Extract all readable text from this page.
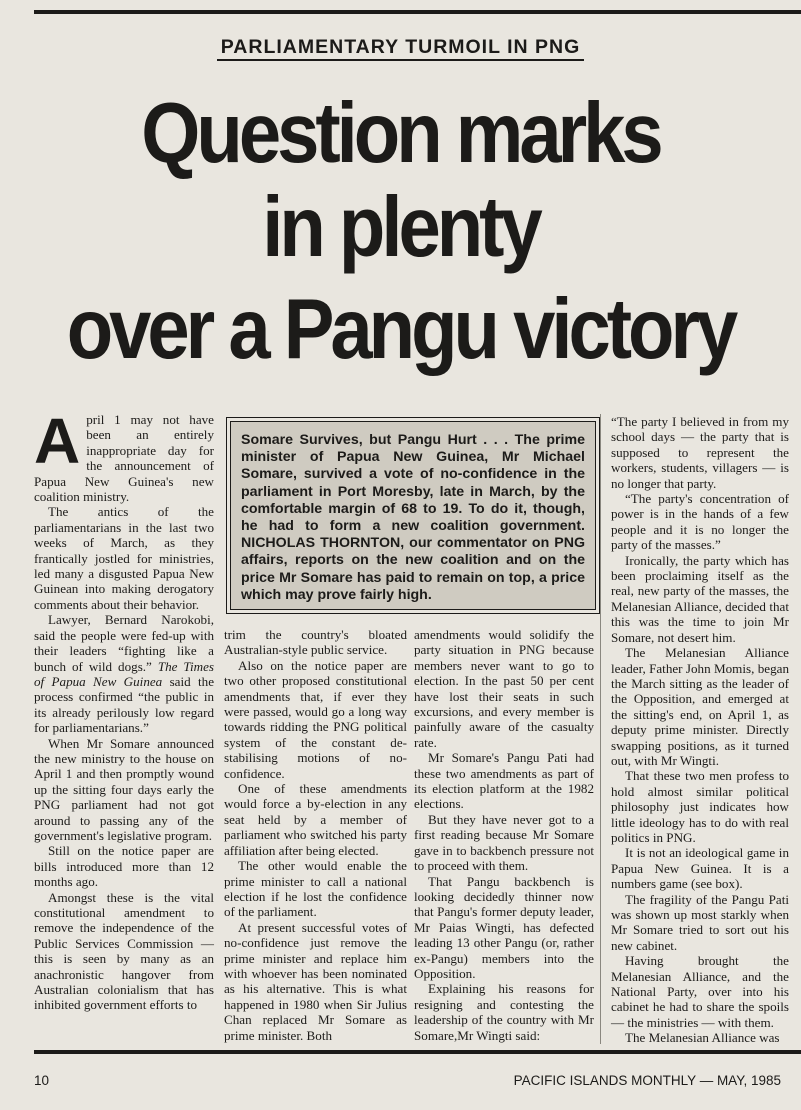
PARLIAMENTARY TURMOIL IN PNG
Question marks
in plenty
over a Pangu victory

April 1 may not have been an entirely inappropriate day for the announcement of Papua New Guinea's new coalition ministry.

The antics of the parliamentarians in the last two weeks of March, as they frantically jostled for ministries, led many a disgusted Papua New Guinean into making derogatory comments about their behavior.

Lawyer, Bernard Narokobi, said the people were fed-up with their leaders “fighting like a bunch of wild dogs.” The Times of Papua New Guinea said the process confirmed “the public in its already perilously low regard for parliamentarians.”

When Mr Somare announced the new ministry to the house on April 1 and then promptly wound up the sitting four days early the PNG parliament had not got around to passing any of the government's legislative program.

Still on the notice paper are bills introduced more than 12 months ago.

Amongst these is the vital constitutional amendment to remove the independence of the Public Services Commission — this is seen by many as an anachronistic hangover from Australian colonialism that has inhibited government efforts to

Somare Survives, but Pangu Hurt . . . The prime minister of Papua New Guinea, Mr Michael Somare, survived a vote of no-confidence in the parliament in Port Moresby, late in March, by the comfortable margin of 68 to 19. To do it, though, he had to form a new coalition government. NICHOLAS THORNTON, our commentator on PNG affairs, reports on the new coalition and on the price Mr Somare has paid to remain on top, a price which may prove fairly high.

trim the country's bloated Australian-style public service.

Also on the notice paper are two other proposed constitutional amendments that, if ever they were passed, would go a long way towards ridding the PNG political system of the constant de-stabilising motions of no-confidence.

One of these amendments would force a by-election in any seat held by a member of parliament who switched his party affiliation after being elected.

The other would enable the prime minister to call a national election if he lost the confidence of the parliament.

At present successful votes of no-confidence just remove the prime minister and replace him with whoever has been nominated as his alternative. This is what happened in 1980 when Sir Julius Chan replaced Mr Somare as prime minister. Both

amendments would solidify the party situation in PNG because members never want to go to election. In the past 50 per cent have lost their seats in such excursions, and every member is painfully aware of the casualty rate.

Mr Somare's Pangu Pati had these two amendments as part of its election platform at the 1982 elections.

But they have never got to a first reading because Mr Somare gave in to backbench pressure not to proceed with them.

That Pangu backbench is looking decidedly thinner now that Pangu's former deputy leader, Mr Paias Wingti, has defected leading 13 other Pangu (or, rather ex-Pangu) members into the Opposition.

Explaining his reasons for resigning and contesting the leadership of the country with Mr Somare,Mr Wingti said:

“The party I believed in from my school days — the party that is supposed to represent the workers, students, villagers — is no longer that party.

“The party's concentration of power is in the hands of a few people and it is no longer the party of the masses.”

Ironically, the party which has been proclaiming itself as the real, new party of the masses, the Melanesian Alliance, decided that this was the time to join Mr Somare, not desert him.

The Melanesian Alliance leader, Father John Momis, began the March sitting as the leader of the Opposition, and emerged at the sitting's end, on April 1, as deputy prime minister. Directly swapping positions, as it turned out, with Mr Wingti.

That these two men profess to hold almost similar political philosophy just indicates how little ideology has to do with real politics in PNG.

It is not an ideological game in Papua New Guinea. It is a numbers game (see box).

The fragility of the Pangu Pati was shown up most starkly when Mr Somare tried to sort out his new cabinet.

Having brought the Melanesian Alliance, and the National Party, over into his cabinet he had to share the spoils — the ministries — with them.

The Melanesian Alliance was

10	PACIFIC ISLANDS MONTHLY — MAY, 1985
